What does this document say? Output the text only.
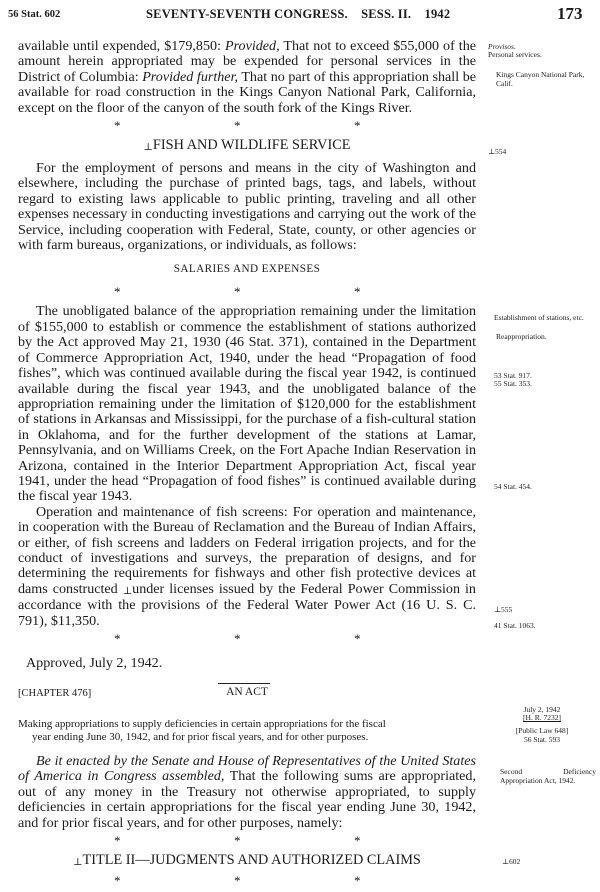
56 Stat. 602	SEVENTY-SEVENTH CONGRESS.    SESS. II.    1942	173

available until expended, $179,850: Provided, That not to exceed $55,000 of the amount herein appropriated may be expended for personal services in the District of Columbia: Provided further, That no part of this appropriation shall be available for road construction in the Kings Canyon National Park, California, except on the floor of the canyon of the south fork of the Kings River.

*	*	*
⊥FISH AND WILDLIFE SERVICE

For the employment of persons and means in the city of Washington and elsewhere, including the purchase of printed bags, tags, and labels, without regard to existing laws applicable to public printing, traveling and all other expenses necessary in conducting investigations and carrying out the work of the Service, including cooperation with Federal, State, county, or other agencies or with farm bureaus, organizations, or individuals, as follows:

SALARIES AND EXPENSES
*	*	*

The unobligated balance of the appropriation remaining under the limitation of $155,000 to establish or commence the establishment of stations authorized by the Act approved May 21, 1930 (46 Stat. 371), contained in the Department of Commerce Appropriation Act, 1940, under the head “Propagation of food fishes”, which was continued available during the fiscal year 1942, is continued available during the fiscal year 1943, and the unobligated balance of the appropriation remaining under the limitation of $120,000 for the establishment of stations in Arkansas and Mississippi, for the purchase of a fish-cultural station in Oklahoma, and for the further development of the stations at Lamar, Pennsylvania, and on Williams Creek, on the Fort Apache Indian Reservation in Arizona, contained in the Interior Department Appropriation Act, fiscal year 1941, under the head “Propagation of food fishes” is continued available during the fiscal year 1943.

Operation and maintenance of fish screens: For operation and maintenance, in cooperation with the Bureau of Reclamation and the Bureau of Indian Affairs, or either, of fish screens and ladders on Federal irrigation projects, and for the conduct of investigations and surveys, the preparation of designs, and for determining the requirements for fishways and other fish protective devices at dams constructed ⊥under licenses issued by the Federal Power Commission in accordance with the provisions of the Federal Water Power Act (16 U. S. C. 791), $11,350.

*	*	*
Approved, July 2, 1942.
[CHAPTER 476]	AN ACT
Making appropriations to supply deficiencies in certain appropriations for the fiscal
year ending June 30, 1942, and for prior fiscal years, and for other purposes.

Be it enacted by the Senate and House of Representatives of the United States of America in Congress assembled, That the following sums are appropriated, out of any money in the Treasury not otherwise appropriated, to supply deficiencies in certain appropriations for the fiscal year ending June 30, 1942, and for prior fiscal years, and for other purposes, namely:

*	*	*
⊥TITLE II—JUDGMENTS AND AUTHORIZED CLAIMS
*	*	*
Provisos.
Personal services.
Kings Canyon National Park, Calif.
⊥554
Establishment of stations, etc.
Reappropriation.
53 Stat. 917.
55 Stat. 353.
54 Stat. 454.
⊥555
41 Stat. 1063.
July 2, 1942
[H. R. 7232]
[Public Law 648]
56 Stat. 593
Second Deficiency Appropriation Act, 1942.
⊥602
